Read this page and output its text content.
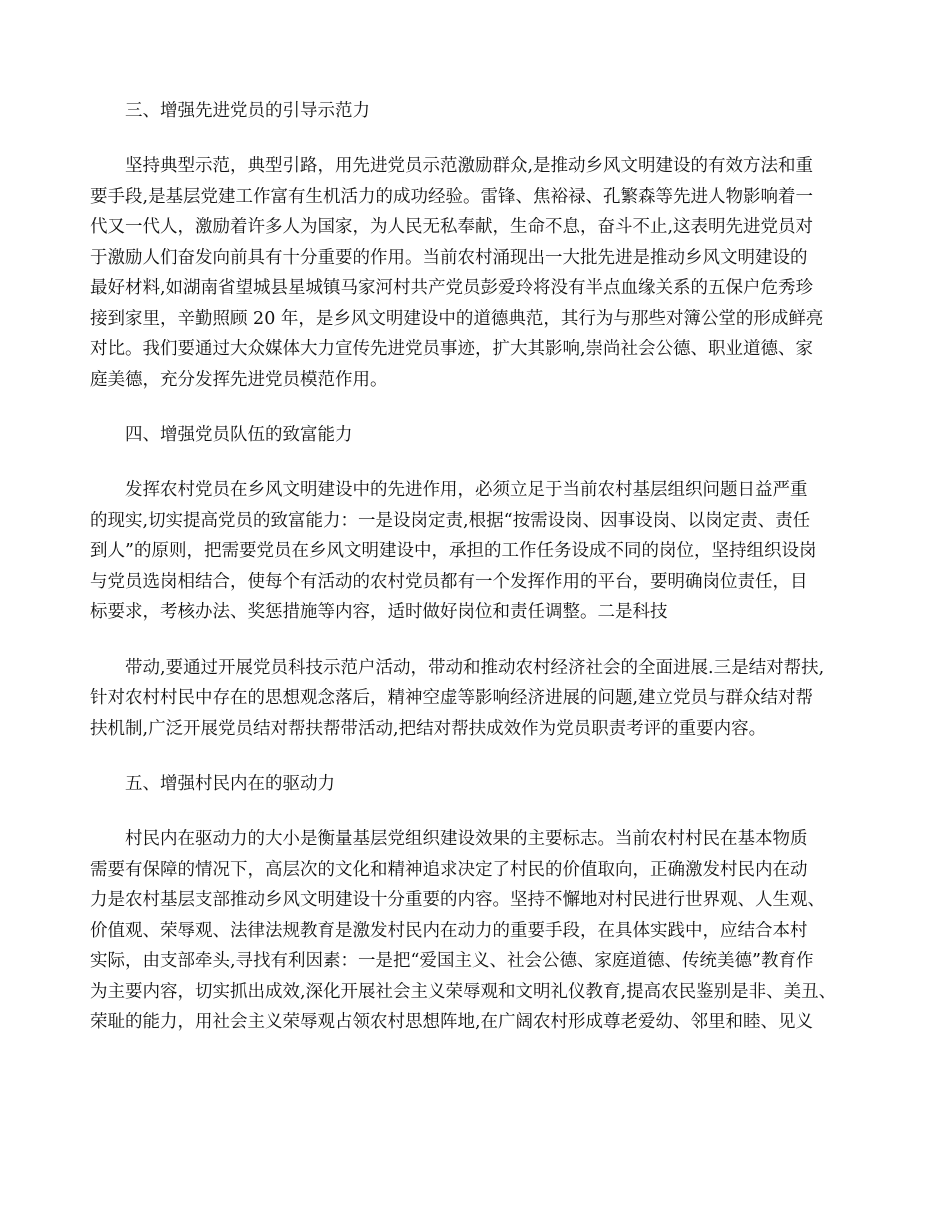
三、增强先进党员的引导示范力
坚持典型示范，典型引路，用先进党员示范激励群众,是推动乡风文明建设的有效方法和重
要手段,是基层党建工作富有生机活力的成功经验。雷锋、焦裕禄、孔繁森等先进人物影响着一
代又一代人，激励着许多人为国家，为人民无私奉献，生命不息，奋斗不止,这表明先进党员对
于激励人们奋发向前具有十分重要的作用。当前农村涌现出一大批先进是推动乡风文明建设的
最好材料,如湖南省望城县星城镇马家河村共产党员彭爱玲将没有半点血缘关系的五保户危秀珍
接到家里，辛勤照顾 20 年，是乡风文明建设中的道德典范，其行为与那些对簿公堂的形成鲜亮
对比。我们要通过大众媒体大力宣传先进党员事迹，扩大其影响,崇尚社会公德、职业道德、家
庭美德，充分发挥先进党员模范作用。
四、增强党员队伍的致富能力
发挥农村党员在乡风文明建设中的先进作用，必须立足于当前农村基层组织问题日益严重
的现实,切实提高党员的致富能力：一是设岗定责,根据“按需设岗、因事设岗、以岗定责、责任
到人”的原则，把需要党员在乡风文明建设中，承担的工作任务设成不同的岗位，坚持组织设岗
与党员选岗相结合，使每个有活动的农村党员都有一个发挥作用的平台，要明确岗位责任，目
标要求，考核办法、奖惩措施等内容，适时做好岗位和责任调整。二是科技
带动,要通过开展党员科技示范户活动，带动和推动农村经济社会的全面进展.三是结对帮扶,
针对农村村民中存在的思想观念落后，精神空虚等影响经济进展的问题,建立党员与群众结对帮
扶机制,广泛开展党员结对帮扶帮带活动,把结对帮扶成效作为党员职责考评的重要内容。
五、增强村民内在的驱动力
村民内在驱动力的大小是衡量基层党组织建设效果的主要标志。当前农村村民在基本物质
需要有保障的情况下，高层次的文化和精神追求决定了村民的价值取向，正确激发村民内在动
力是农村基层支部推动乡风文明建设十分重要的内容。坚持不懈地对村民进行世界观、人生观、
价值观、荣辱观、法律法规教育是激发村民内在动力的重要手段，在具体实践中，应结合本村
实际，由支部牵头,寻找有利因素：一是把“爱国主义、社会公德、家庭道德、传统美德”教育作
为主要内容，切实抓出成效,深化开展社会主义荣辱观和文明礼仪教育,提高农民鉴别是非、美丑、
荣耻的能力，用社会主义荣辱观占领农村思想阵地,在广阔农村形成尊老爱幼、邻里和睦、见义
